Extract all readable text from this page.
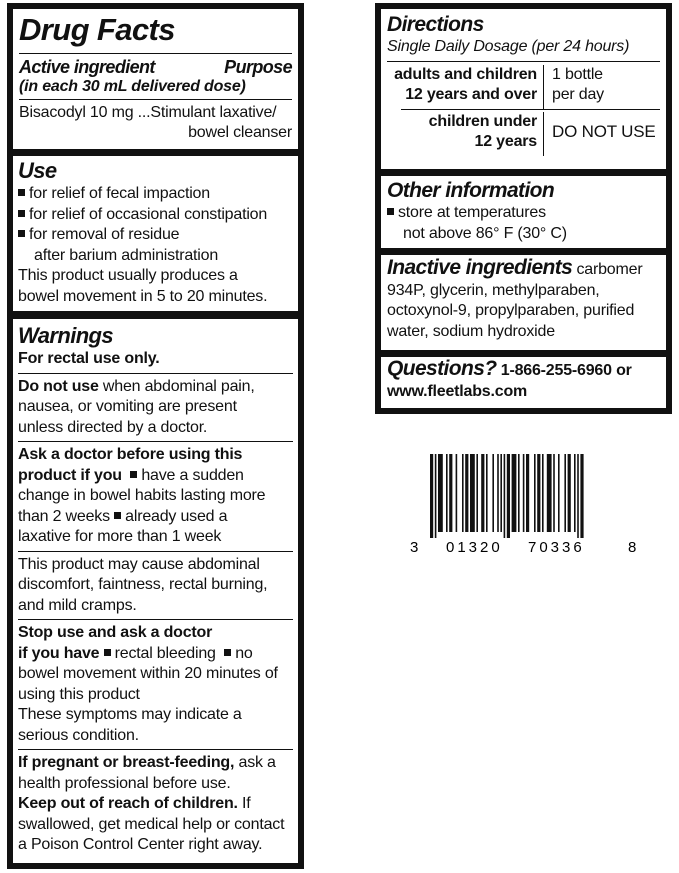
Drug Facts
Active ingredient	Purpose
(in each 30 mL delivered dose)
Bisacodyl 10 mg ...Stimulant laxative/
bowel cleanser
Use
for relief of fecal impaction
for relief of occasional constipation
for removal of residue
after barium administration
This product usually produces a
bowel movement in 5 to 20 minutes.
Warnings
For rectal use only.
Do not use when abdominal pain,
nausea, or vomiting are present
unless directed by a doctor.
Ask a doctor before using this
product if you have a sudden
change in bowel habits lasting more
than 2 weeks already used a
laxative for more than 1 week
This product may cause abdominal
discomfort, faintness, rectal burning,
and mild cramps.
Stop use and ask a doctor
if you have rectal bleeding no
bowel movement within 20 minutes of
using this product
These symptoms may indicate a
serious condition.
If pregnant or breast-feeding, ask a
health professional before use.
Keep out of reach of children. If
swallowed, get medical help or contact
a Poison Control Center right away.
Directions
Single Daily Dosage (per 24 hours)
adults and children
12 years and over
1 bottle
per day
children under
12 years
DO NOT USE
Other information
store at temperatures
not above 86° F (30° C)
Inactive ingredients carbomer
934P, glycerin, methylparaben,
octoxynol-9, propylparaben, purified
water, sodium hydroxide
Questions? 1-866-255-6960 or
www.fleetlabs.com
3 01320 70336	8
